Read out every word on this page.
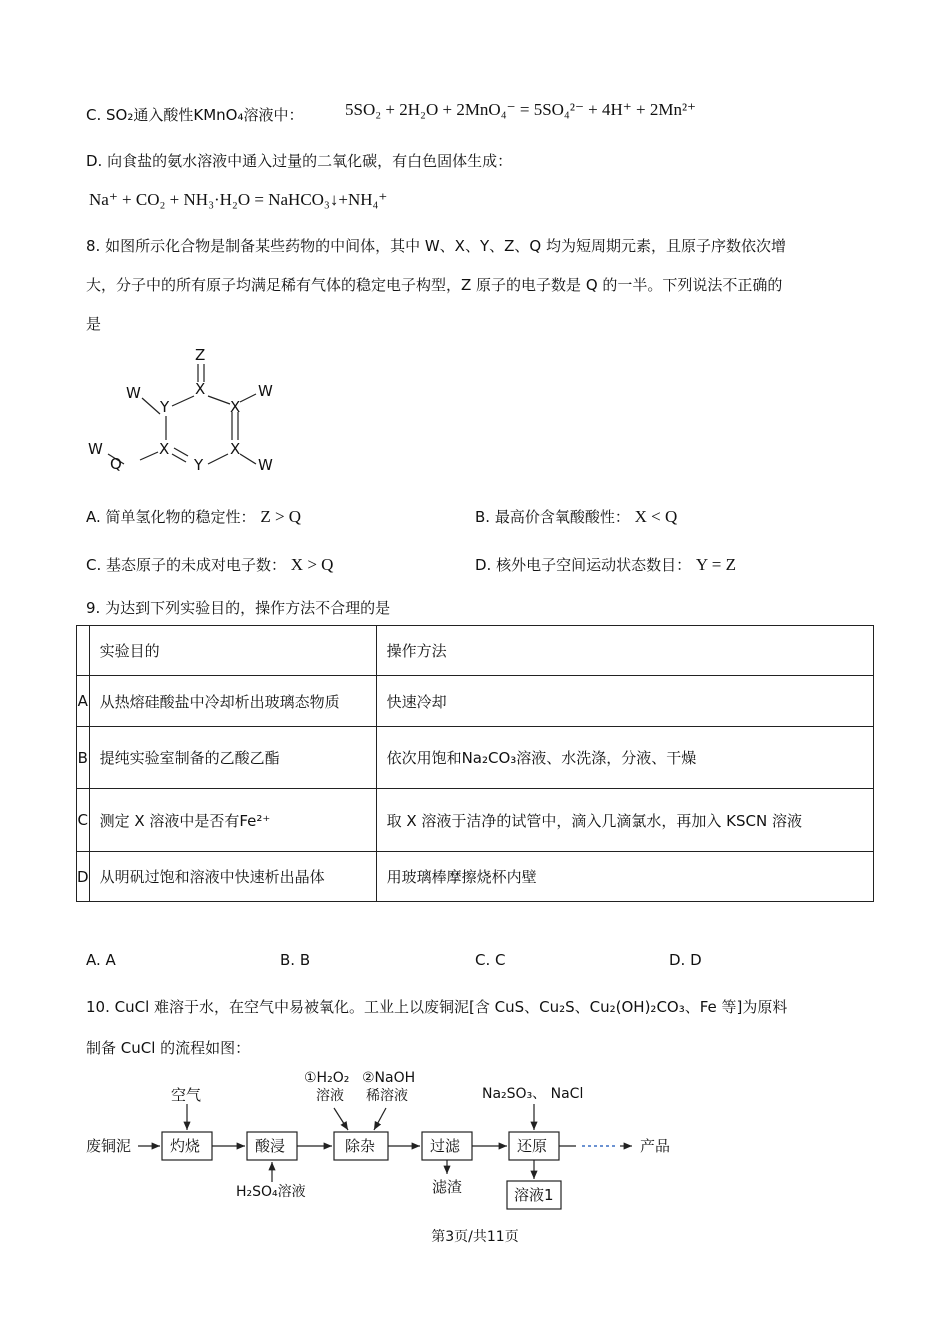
C. SO₂通入酸性KMnO₄溶液中： 5SO₂ + 2H₂O + 2MnO₄⁻ = 5SO₄²⁻ + 4H⁺ + 2Mn²⁺
D. 向食盐的氨水溶液中通入过量的二氧化碳，有白色固体生成：
Na⁺ + CO₂ + NH₃·H₂O = NaHCO₃↓+NH₄⁺
8. 如图所示化合物是制备某些药物的中间体，其中 W、X、Y、Z、Q 均为短周期元素，且原子序数依次增
大，分子中的所有原子均满足稀有气体的稳定电子构型，Z 原子的电子数是 Q 的一半。下列说法不正确的
是
Z
X
W
Y	X
W
W
Q
X	X
Y	W
A. 简单氢化物的稳定性： Z > Q	B. 最高价含氧酸酸性： X < Q
C. 基态原子的未成对电子数： X > Q	D. 核外电子空间运动状态数目： Y = Z
9. 为达到下列实验目的，操作方法不合理的是
	实验目的	操作方法
A	从热熔硅酸盐中冷却析出玻璃态物质	快速冷却
B	提纯实验室制备的乙酸乙酯	依次用饱和Na₂CO₃溶液、水洗涤，分液、干燥
C	测定 X 溶液中是否有Fe²⁺	取 X 溶液于洁净的试管中，滴入几滴氯水，再加入 KSCN 溶液
D	从明矾过饱和溶液中快速析出晶体	用玻璃棒摩擦烧杯内壁
A. A	B. B	C. C	D. D
10. CuCl 难溶于水，在空气中易被氧化。工业上以废铜泥[含 CuS、Cu₂S、Cu₂(OH)₂CO₃、Fe 等]为原料
制备 CuCl 的流程如图：
废铜泥	灼烧	酸浸	除杂	过滤	还原	产品
空气
H₂SO₄溶液
①H₂O₂
溶液
②NaOH
稀溶液	Na₂SO₃、 NaCl
滤渣	溶液1
第3页/共11页
